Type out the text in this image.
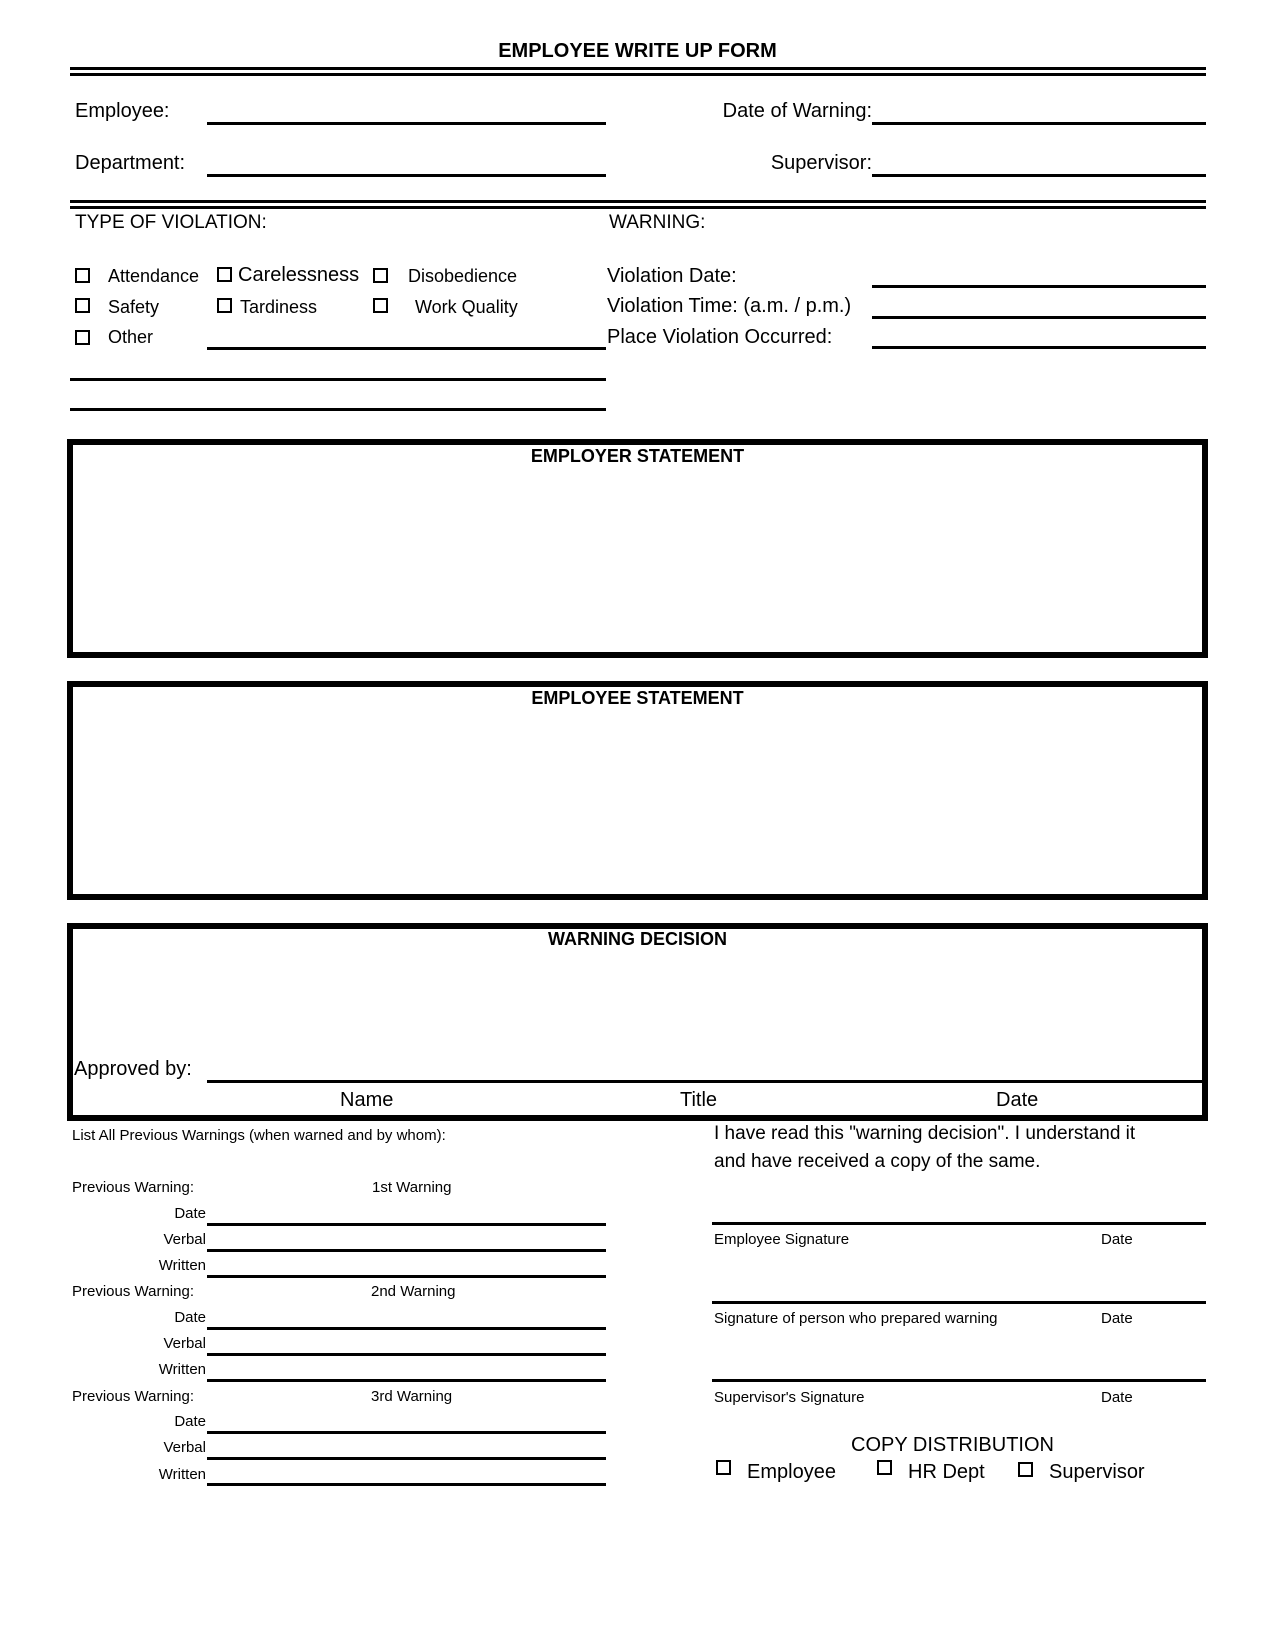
EMPLOYEE WRITE UP FORM
Employee:
Department:
Date of Warning:
Supervisor:
TYPE OF VIOLATION:
Attendance Carelessness	Disobedience
Safety	Tardiness	Work Quality
Other
WARNING:
Violation Date:
Violation Time: (a.m. / p.m.)
Place Violation Occurred:
EMPLOYER STATEMENT
EMPLOYEE STATEMENT
WARNING DECISION
Approved by:
Name	Title	Date
List All Previous Warnings (when warned and by whom):
Previous Warning:	1st Warning
Date
Verbal
Written
Previous Warning:	2nd Warning
Date
Verbal
Written
Previous Warning:	3rd Warning
Date
Verbal
Written
I have read this "warning decision". I understand it
and have received a copy of the same.
Employee Signature	Date
Signature of person who prepared warning	Date
Supervisor's Signature	Date
COPY DISTRIBUTION
Employee	HR Dept	Supervisor
